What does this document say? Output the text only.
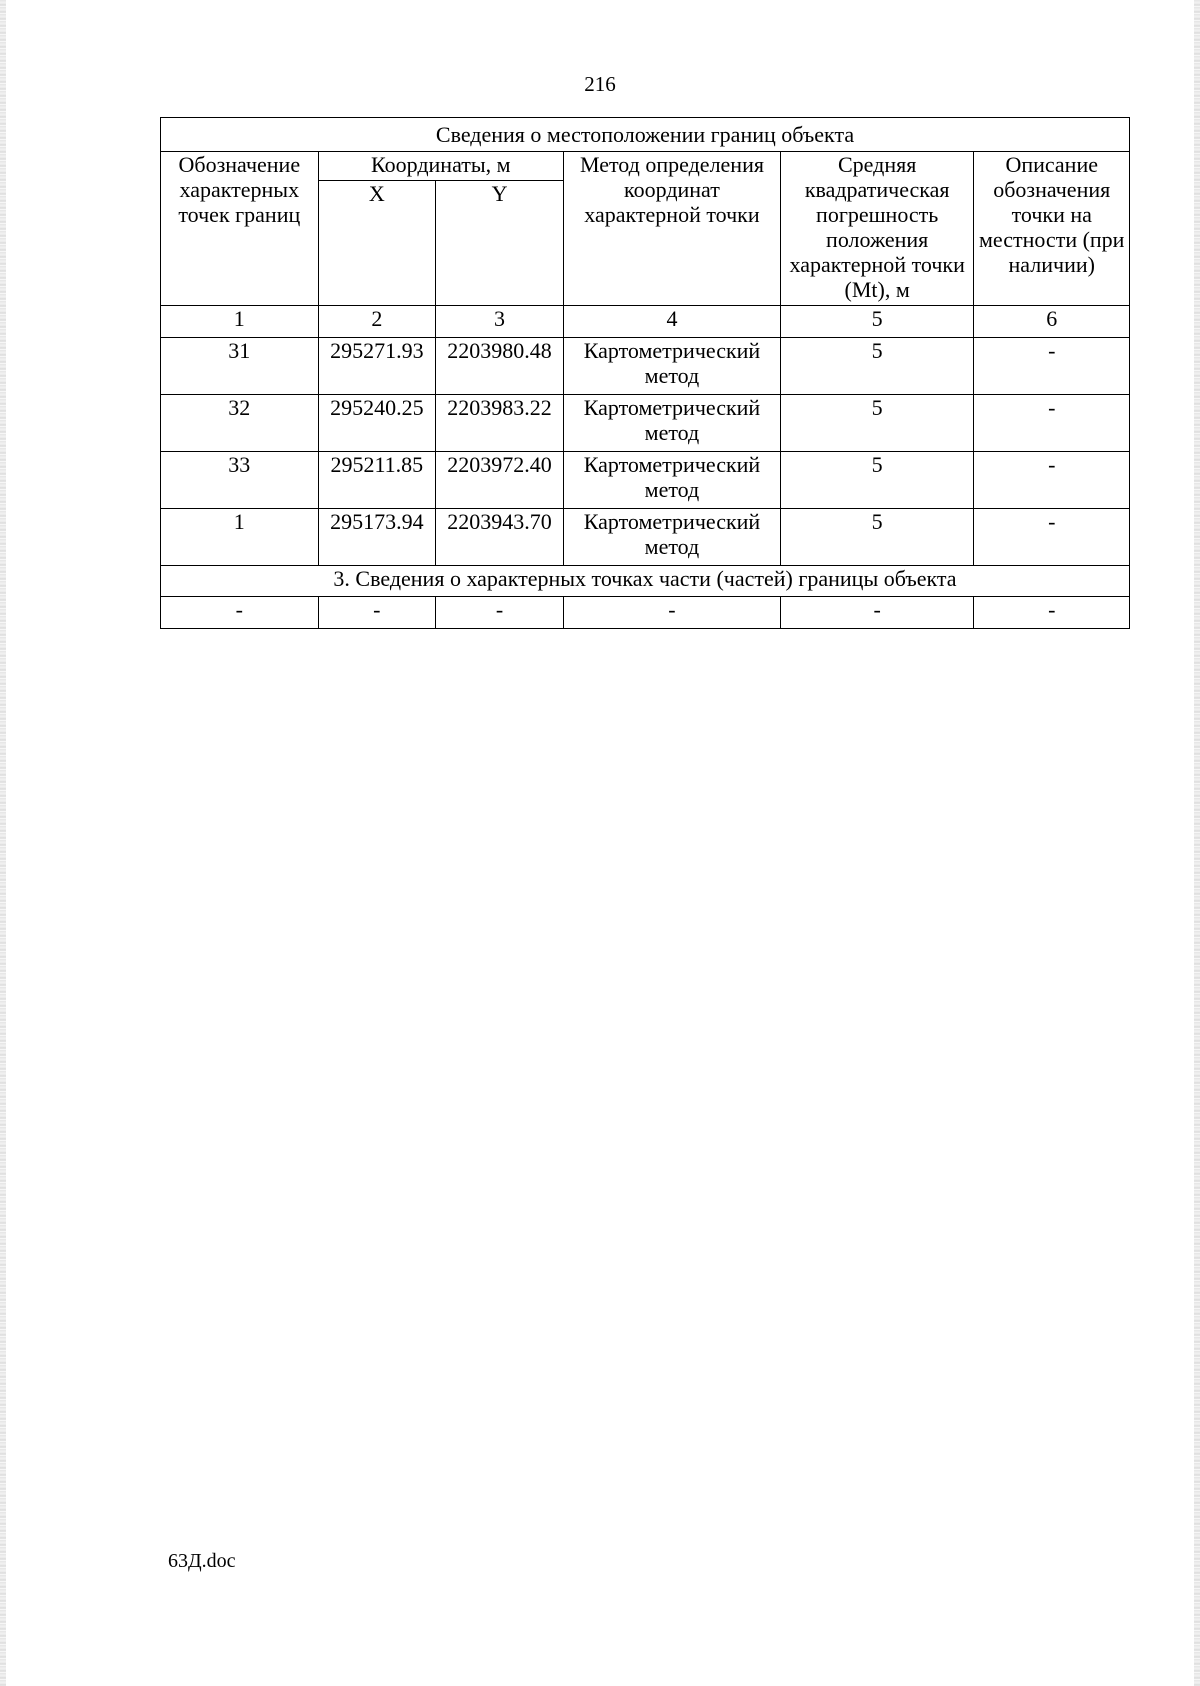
216
Сведения о местоположении границ объекта					
Обозначение характерных точек границ	Координаты, м		Метод определения координат характерной точки	Средняя квадратическая погрешность положения характерной точки (Mt), м	Описание обозначения точки на местности (при наличии)
	X	Y			
1	2	3	4	5	6
31	295271.93	2203980.48	Картометрический метод	5	-
32	295240.25	2203983.22	Картометрический метод	5	-
33	295211.85	2203972.40	Картометрический метод	5	-
1	295173.94	2203943.70	Картометрический метод	5	-
3. Сведения о характерных точках части (частей) границы объекта					
-	-	-	-	-	-
63Д.doc
